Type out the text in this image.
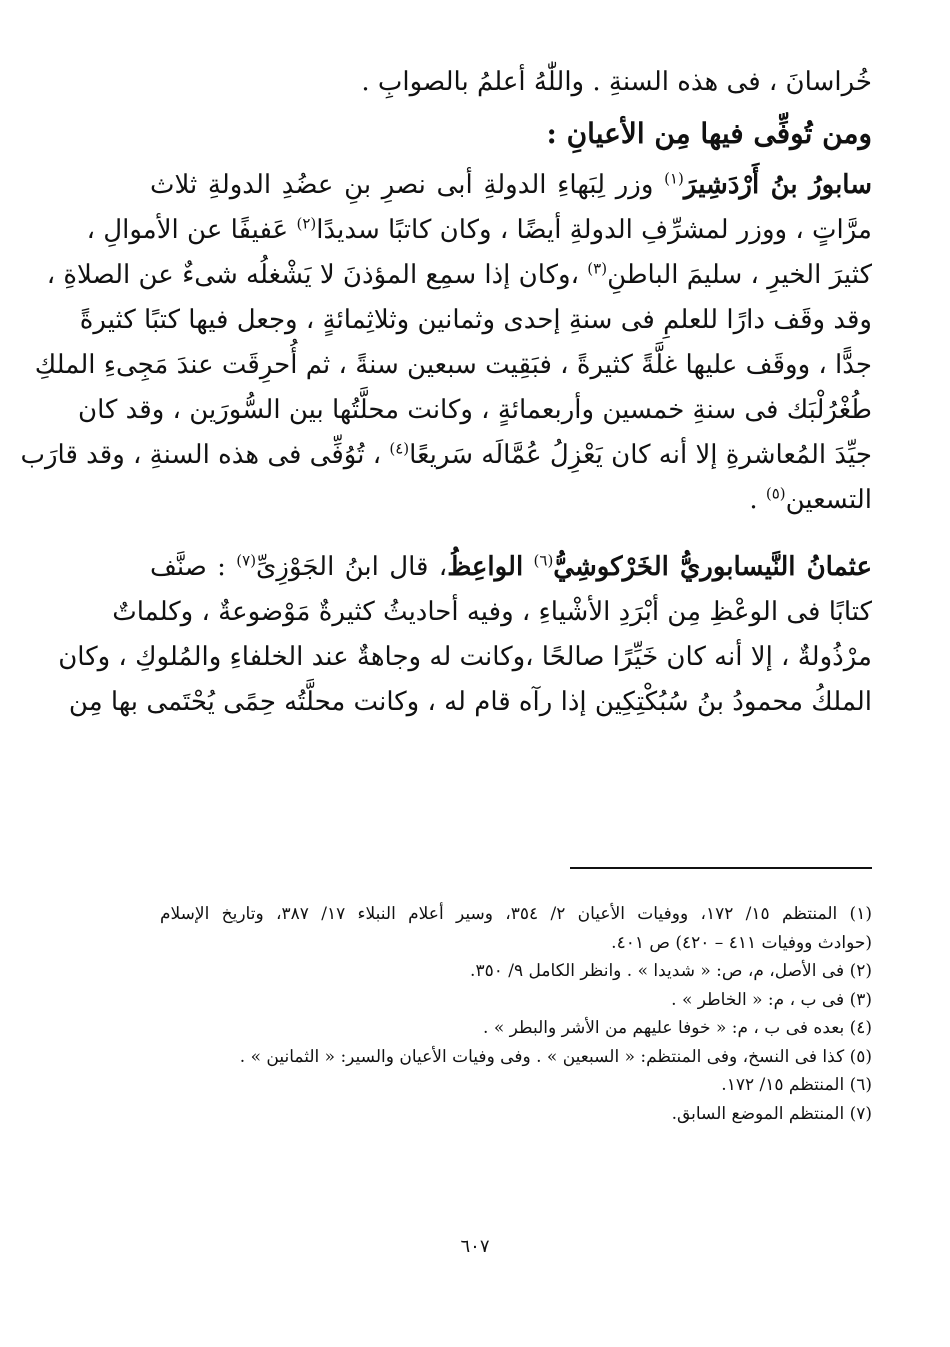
خُراسانَ ، فى هذه السنةِ . واللّٰهُ أعلمُ بالصوابِ .
ومن تُوفِّى فيها مِن الأعيانِ :
سابورُ بنُ أَرْدَشِيرَ$^{(١)}$ وزر لِبَهاءِ الدولةِ أبى نصرِ بنِ عضُدِ الدولةِ ثلاث
مرَّاتٍ ، ووزر لمشرِّفِ الدولةِ أيضًا ، وكان كاتبًا سديدًا$^{(٢)}$ عَفيفًا عن الأموالِ ،
كثيرَ الخيرِ ، سليمَ الباطنِ$^{(٣)}$ ،وكان إذا سمِع المؤذنَ لا يَشْغلُه شىءٌ عن الصلاةِ ،
وقد وقَف دارًا للعلمِ فى سنةِ إحدى وثمانين وثلاثِمائةٍ ، وجعل فيها كتبًا كثيرةً
جدًّا ، ووقَف عليها غلَّةً كثيرةً ، فبَقِيت سبعين سنةً ، ثم أُحرِقَت عندَ مَجِىءِ الملكِ
طُغْرُلْبَك فى سنةِ خمسين وأربعمائةٍ ، وكانت محلَّتُها بين السُّورَين ، وقد كان
جيِّدَ المُعاشرةِ إلا أنه كان يَعْزِلُ عُمَّالَه سَريعًا$^{(٤)}$ ، تُوُفِّى فى هذه السنةِ ، وقد قارَب
التسعين$^{(٥)}$ .
عثمانُ النَّيسابوريُّ الخَرْكوشِيُّ$^{(٦)}$ الواعِظُ، قال ابنُ الجَوْزِىِّ$^{(٧)}$ : صنَّف
كتابًا فى الوعْظِ مِن أبْرَدِ الأشْياءِ ، وفيه أحاديثُ كثيرةٌ مَوْضوعةٌ ، وكلماتٌ
مرْذُولةٌ ، إلا أنه كان خَيِّرًا صالحًا ،وكانت له وجاهةٌ عند الخلفاءِ والمُلوكِ ، وكان
الملكُ محمودُ بنُ سُبُكْتِكِين إذا رآه قام له ، وكانت محلَّتُه حِمًى يُحْتَمى بها مِن
(١) المنتظم ١٥/ ١٧٢، ووفيات الأعيان ٢/ ٣٥٤، وسير أعلام النبلاء ١٧/ ٣٨٧، وتاريخ الإسلام
(حوادث ووفيات ٤١١ – ٤٢٠) ص ٤٠١.
(٢) فى الأصل، م، ص: « شديدا » . وانظر الكامل ٩/ ٣٥٠.
(٣) فى ب ، م: « الخاطر » .
(٤) بعده فى ب ، م: « خوفا عليهم من الأشر والبطر » .
(٥) كذا فى النسخ، وفى المنتظم: « السبعين » . وفى وفيات الأعيان والسير: « الثمانين » .
(٦) المنتظم ١٥/ ١٧٢.
(٧) المنتظم الموضع السابق.
٦٠٧
